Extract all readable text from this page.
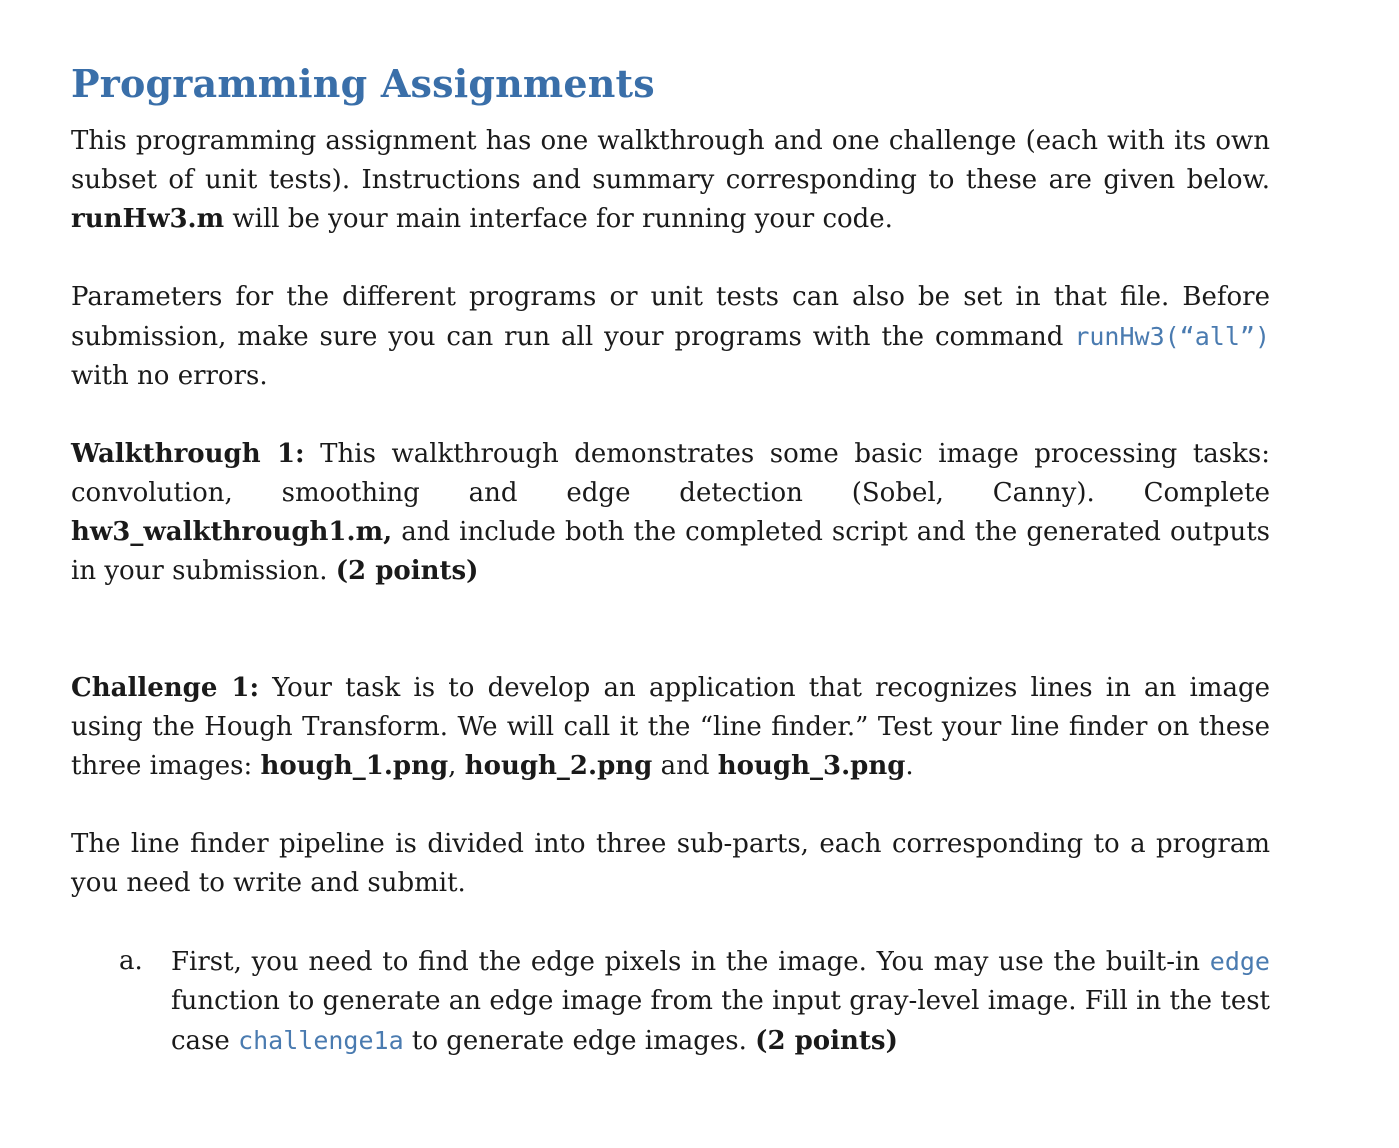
Programming Assignments

This programming assignment has one walkthrough and one challenge (each with its own subset of unit tests). Instructions and summary corresponding to these are given below. runHw3.m will be your main interface for running your code.

Parameters for the different programs or unit tests can also be set in that file. Before submission, make sure you can run all your programs with the command runHw3(“all”) with no errors.

Walkthrough 1: This walkthrough demonstrates some basic image processing tasks: convolution, smoothing and edge detection (Sobel, Canny). Complete hw3_walkthrough1.m, and include both the completed script and the generated outputs in your submission. (2 points)

Challenge 1: Your task is to develop an application that recognizes lines in an image using the Hough Transform. We will call it the “line finder.” Test your line finder on these three images: hough_1.png, hough_2.png and hough_3.png.

The line finder pipeline is divided into three sub-parts, each corresponding to a program you need to write and submit.

a.	First, you need to find the edge pixels in the image. You may use the built-in edge function to generate an edge image from the input gray-level image. Fill in the test case challenge1a to generate edge images. (2 points)
